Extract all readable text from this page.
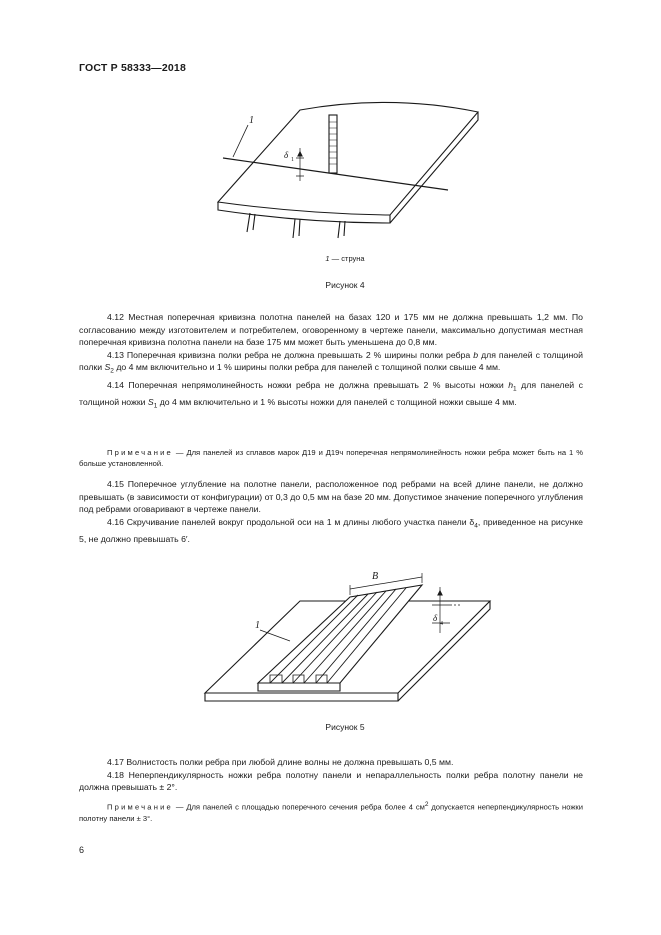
ГОСТ Р 58333—2018
1
δ 1
1 — струна
Рисунок 4

4.12 Местная поперечная кривизна полотна панелей на базах 120 и 175 мм не должна превышать 1,2 мм. По согласованию между изготовителем и потребителем, оговоренному в чертеже панели, максимально допустимая местная поперечная кривизна полотна панели на базе 175 мм может быть уменьшена до 0,8 мм.

4.13 Поперечная кривизна полки ребра не должна превышать 2 % ширины полки ребра b для панелей с толщиной полки $S_2$ до 4 мм включительно и 1 % ширины полки ребра для панелей с толщиной полки свыше 4 мм.

4.14 Поперечная непрямолинейность ножки ребра не должна превышать 2 % высоты ножки $h_1$ для панелей с толщиной ножки $S_1$ до 4 мм включительно и 1 % высоты ножки для панелей с толщиной ножки свыше 4 мм.

Примечание — Для панелей из сплавов марок Д19 и Д19ч поперечная непрямолинейность ножки ребра может быть на 1 % больше установленной.

4.15 Поперечное углубление на полотне панели, расположенное под ребрами на всей длине панели, не должно превышать (в зависимости от конфигурации) от 0,3 до 0,5 мм на базе 20 мм. Допустимое значение поперечного углубления под ребрами оговаривают в чертеже панели.

4.16 Скручивание панелей вокруг продольной оси на 1 м длины любого участка панели $\delta_4$, приведенное на рисунке 5, не должно превышать 6′.

B
δ
4
1
Рисунок 5

4.17 Волнистость полки ребра при любой длине волны не должна превышать 0,5 мм.

4.18 Неперпендикулярность ножки ребра полотну панели и непараллельность полки ребра полотну панели не должна превышать ± 2°.

Примечание — Для панелей с площадью поперечного сечения ребра более 4 $см^2$ допускается неперпендикулярность ножки полотну панели ± 3°.

6
